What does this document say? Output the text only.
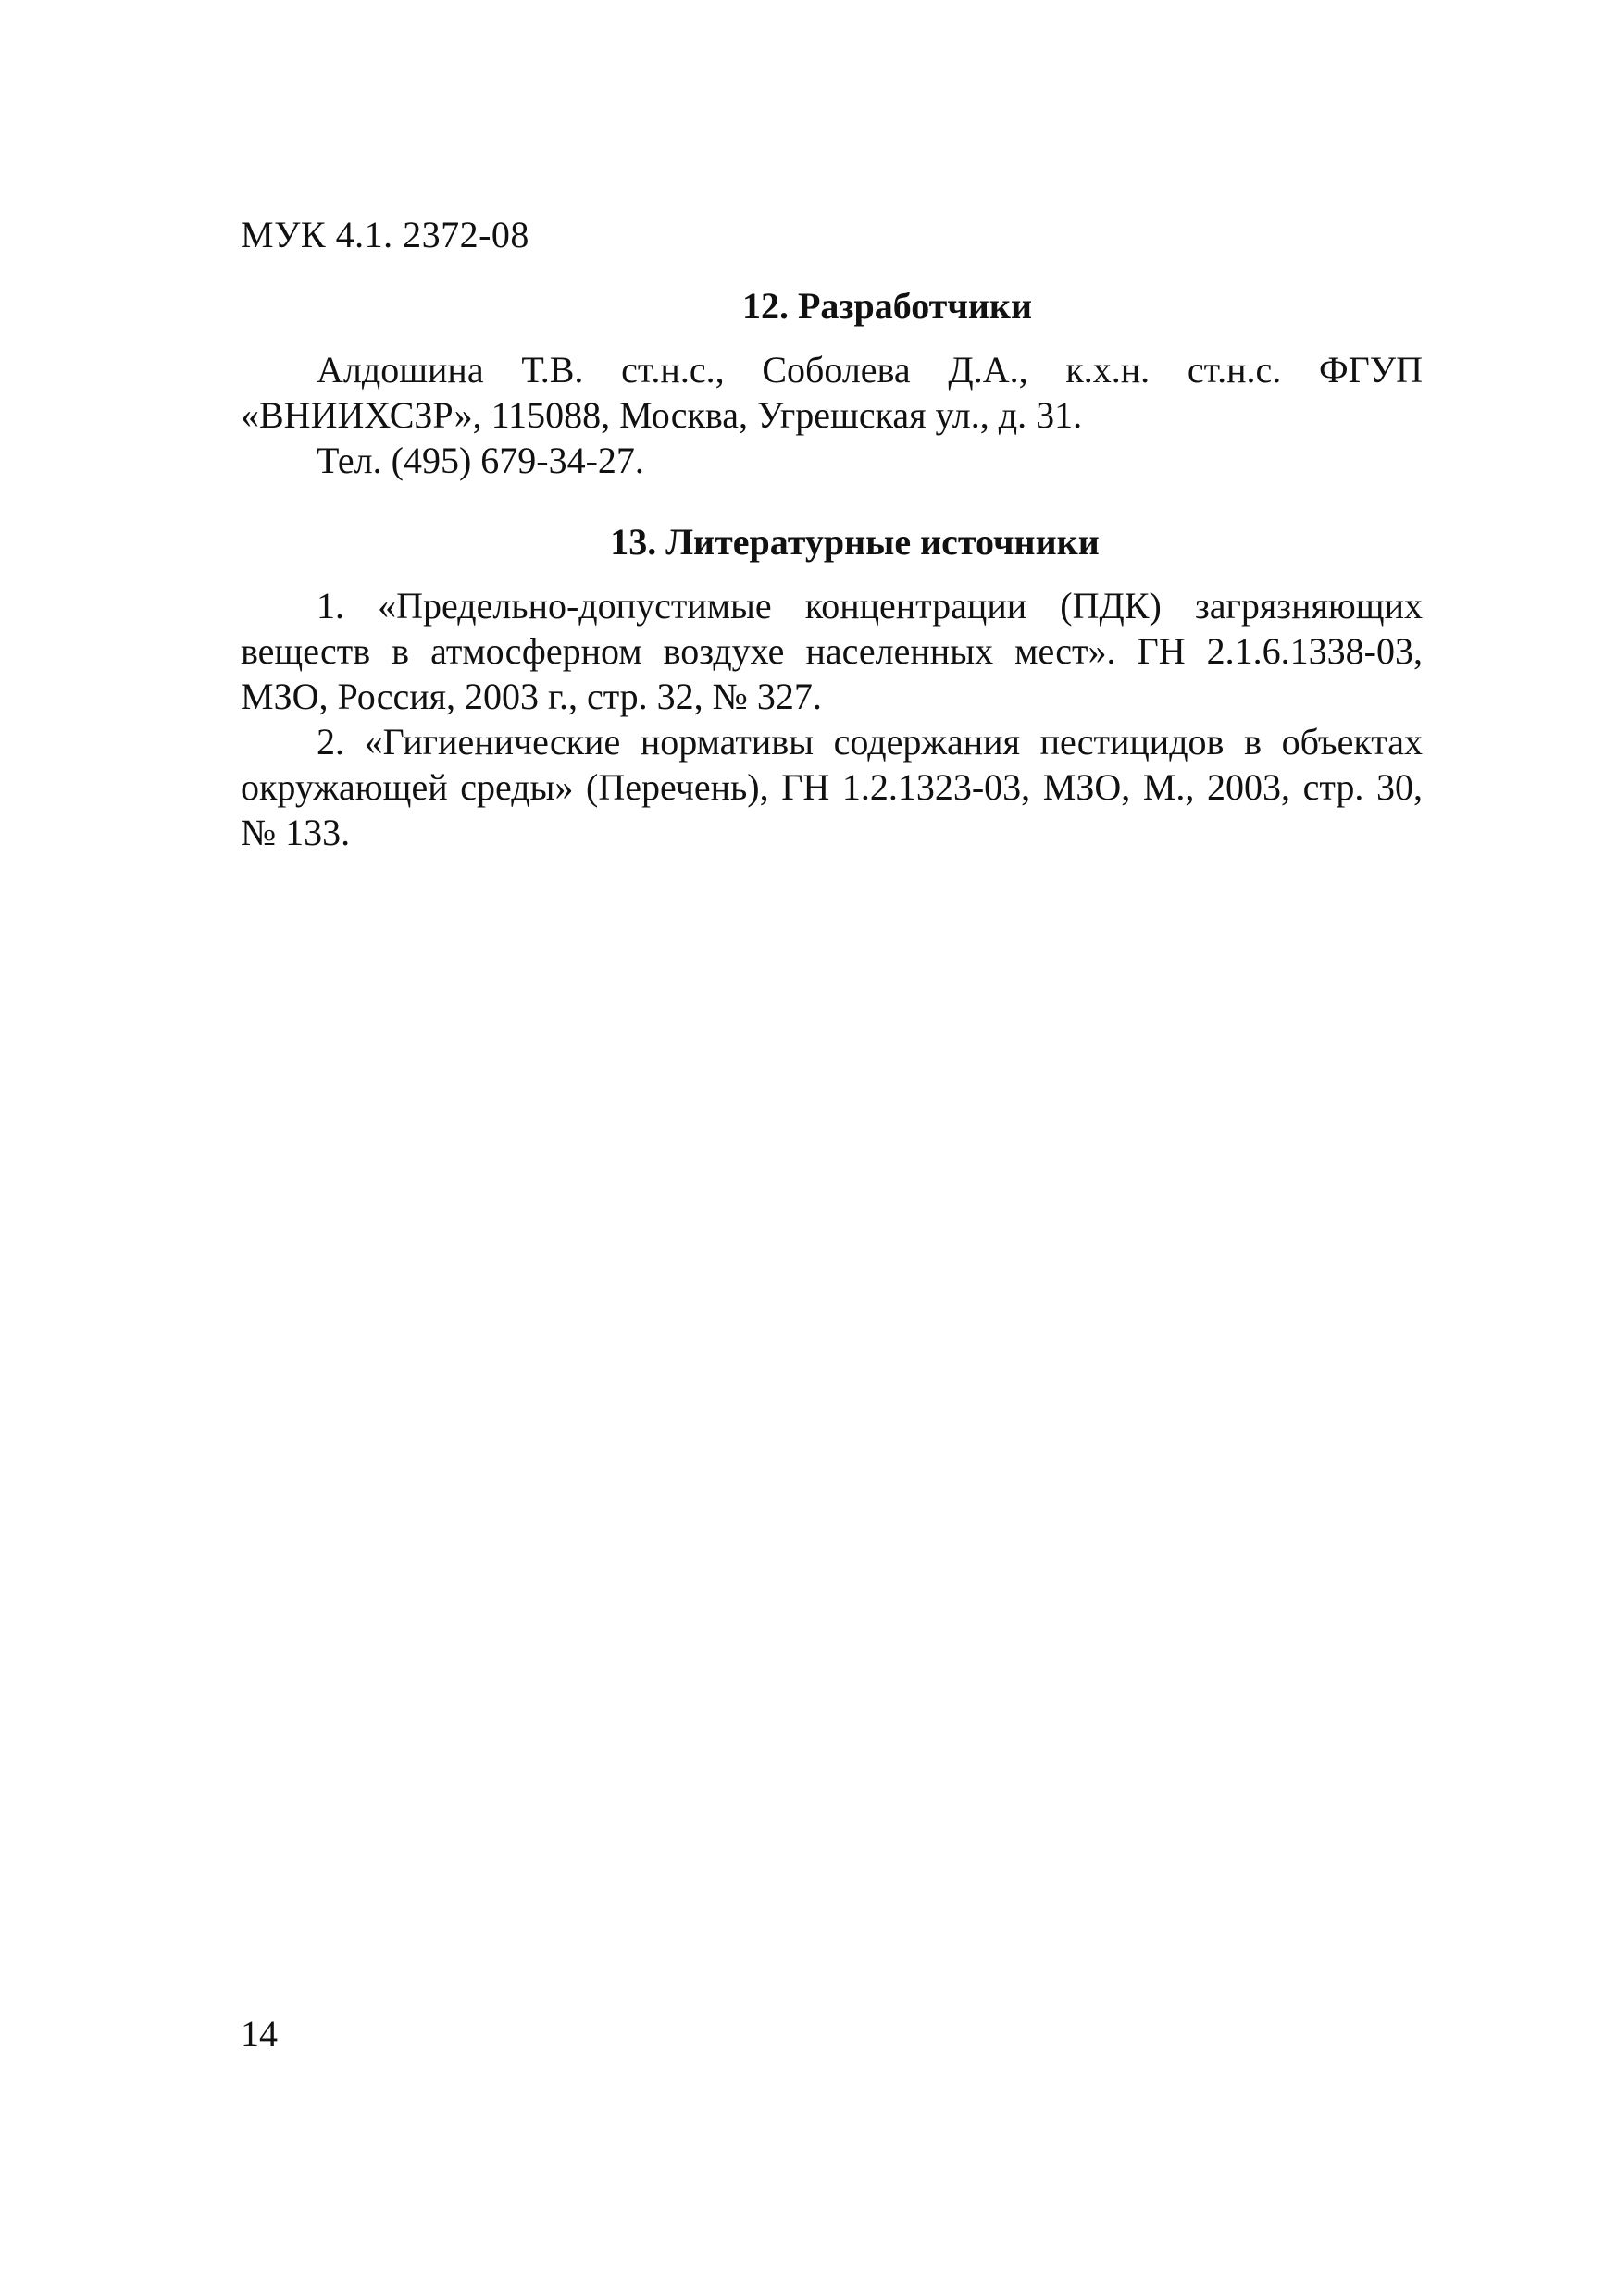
МУК 4.1. 2372-08
12. Разработчики

Алдошина Т.В. ст.н.с., Соболева Д.А., к.х.н. ст.н.с. ФГУП «ВНИИХСЗР», 115088, Москва, Угрешская ул., д. 31.

Тел. (495) 679-34-27.

13. Литературные источники

1. «Предельно-допустимые концентрации (ПДК) загрязняющих веществ в атмосферном воздухе населенных мест». ГН 2.1.6.1338-03, МЗО, Россия, 2003 г., стр. 32, № 327.

2. «Гигиенические нормативы содержания пестицидов в объектах окружающей среды» (Перечень), ГН 1.2.1323-03, МЗО, М., 2003, стр. 30, № 133.

14
